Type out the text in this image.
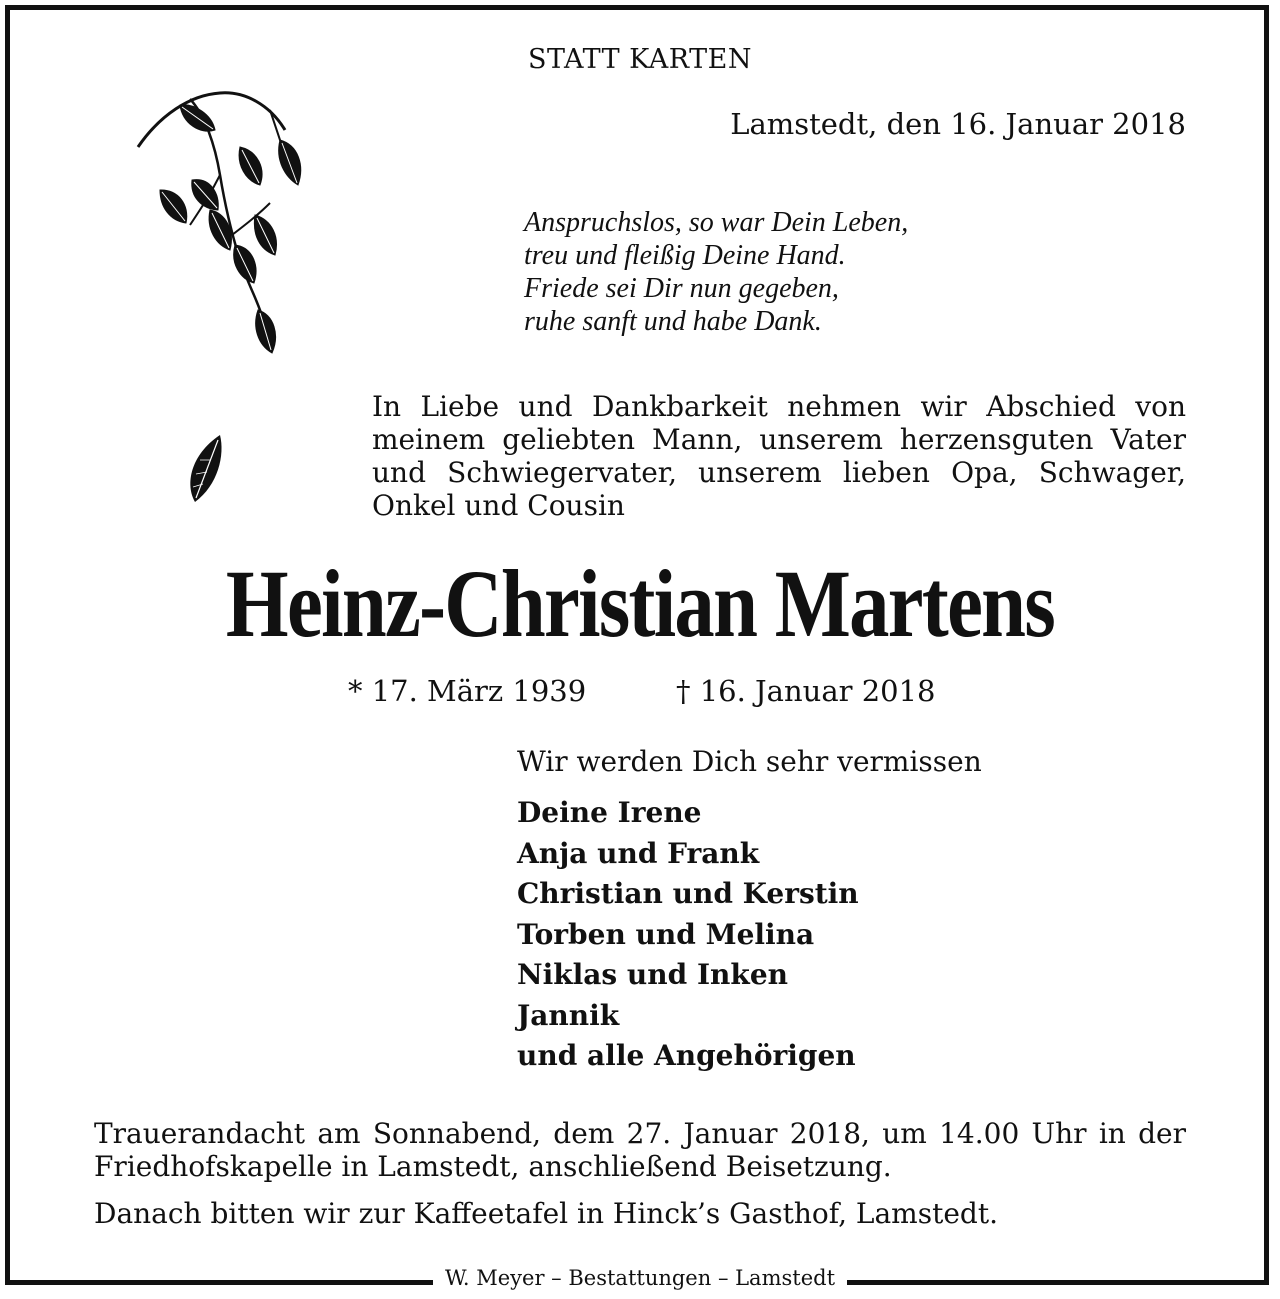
STATT KARTEN
Lamstedt, den 16. Januar 2018
Anspruchslos, so war Dein Leben,
treu und fleißig Deine Hand.
Friede sei Dir nun gegeben,
ruhe sanft und habe Dank.
In Liebe und Dankbarkeit nehmen wir Abschied von
meinem geliebten Mann, unserem herzensguten Vater
und Schwiegervater, unserem lieben Opa, Schwager,
Onkel und Cousin
Heinz-Christian Martens
* 17. März 1939	† 16. Januar 2018
Wir werden Dich sehr vermissen
Deine Irene
Anja und Frank
Christian und Kerstin
Torben und Melina
Niklas und Inken
Jannik
und alle Angehörigen
Trauerandacht am Sonnabend, dem 27. Januar 2018, um 14.00 Uhr in der
Friedhofskapelle in Lamstedt, anschließend Beisetzung.
Danach bitten wir zur Kaffeetafel in Hinck’s Gasthof, Lamstedt.
W. Meyer – Bestattungen – Lamstedt
